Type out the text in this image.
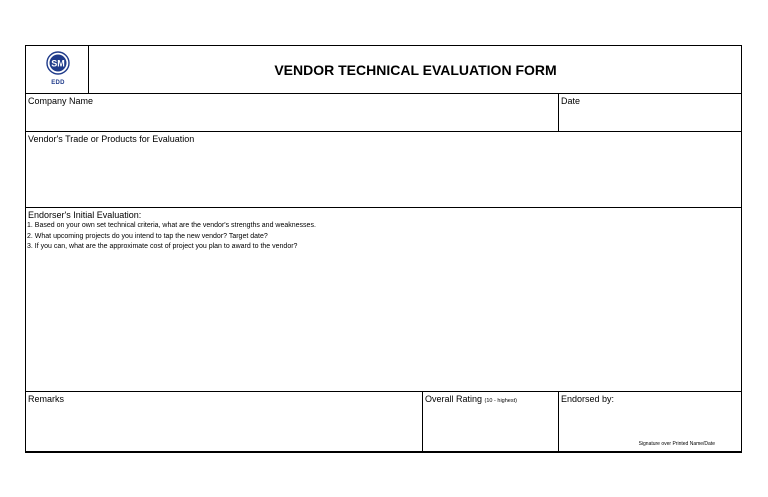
SM
EDD
VENDOR TECHNICAL EVALUATION FORM
Company Name	Date
Vendor's Trade or Products for Evaluation
Endorser's Initial Evaluation:
1. Based on your own set technical criteria, what are the vendor's strengths and weaknesses.
2. What upcoming projects do you intend to tap the new vendor? Target date?
3. If you can, what are the approximate cost of project you plan to award to the vendor?
Remarks	Overall Rating (10 - highest)	Endorsed by:
Signature over Printed Name/Date
